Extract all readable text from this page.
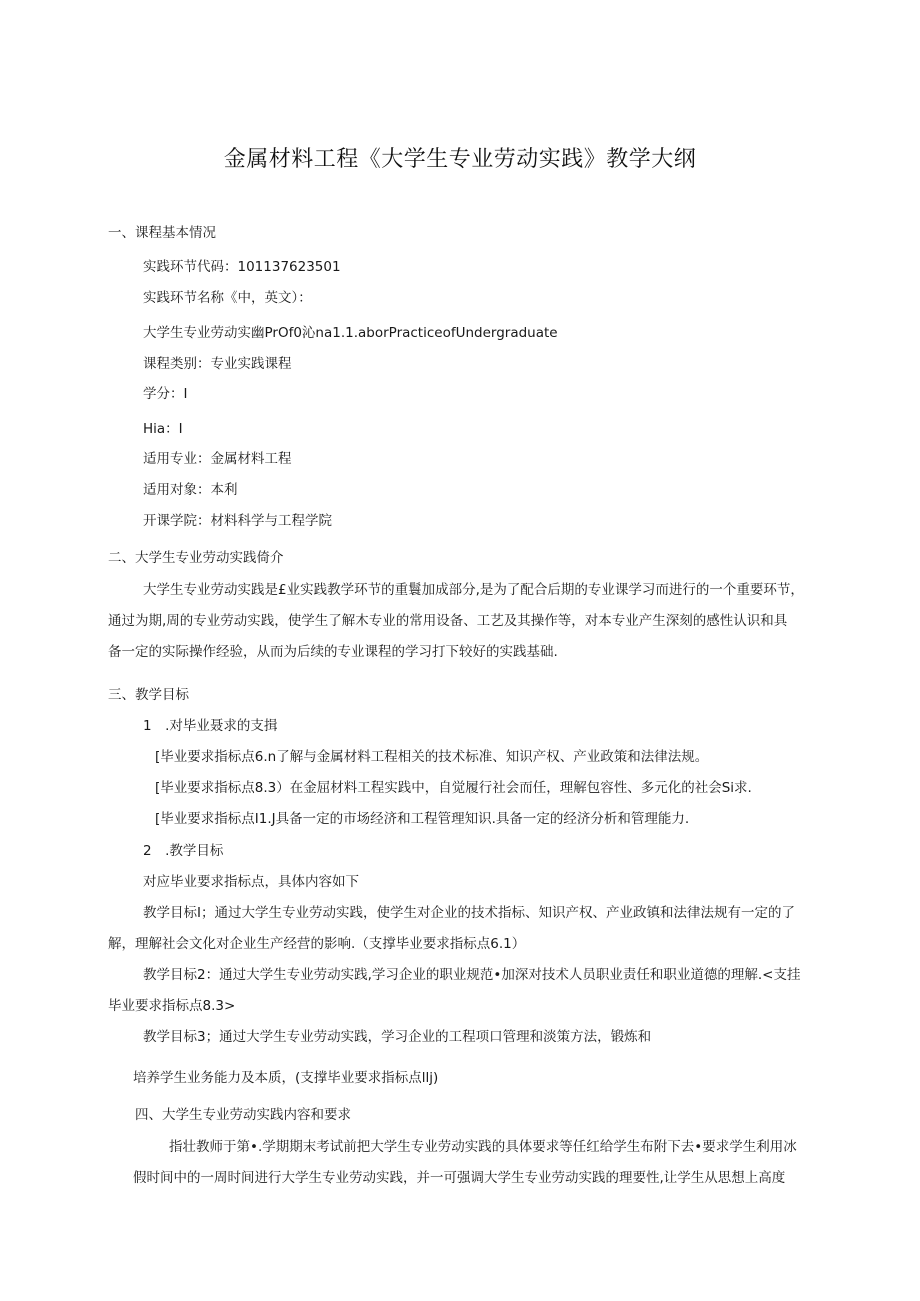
金属材料工程《大学生专业劳动实践》教学大纲
一、课程基本情况
实践环节代码：101137623501
实践环节名称《中，英文）：
大学生专业劳动实幽PrOf0沁na1.1.aborPracticeofUndergraduate
课程类别：专业实践课程
学分：I
Hia：I
适用专业：金属材料工程
适用对象：本利
开课学院：材料科学与工程学院
二、大学生专业劳动实践倚介
大学生专业劳动实践是£业实践教学环节的重鬟加成部分,是为了配合后期的专业课学习而进行的一个重要环节，
通过为期,周的专业劳动实践，使学生了解木专业的常用设备、工艺及其操作等，对本专业产生深刻的感性认识和具
备一定的实际操作经验，从而为后续的专业课程的学习打下较好的实践基础.
三、教学目标
1　.对毕业聂求的支揖
[毕业要求指标点6.n了解与金属材料工程相关的技术标准、知识产权、产业政策和法律法规。
[毕业要求指标点8.3）在金屈材料工程实践中，自觉履行社会而任，理解包容性、多元化的社会Si求.
[毕业要求指标点I1.J具备一定的市场经济和工程管理知识.具备一定的经济分析和管理能力.
2　.教学目标
对应毕业要求指标点，具体内容如下
教学目标I；通过大学生专业劳动实践，使学生对企业的技术指标、知识产权、产业政镇和法律法规有一定的了
解，理解社会文化对企业生产经营的影响.（支撑毕业要求指标点6.1）
教学目标2：通过大学生专业劳动实践,学习企业的职业规范•加深对技术人员职业责任和职业道德的理解.<支挂
毕业要求指标点8.3>
教学目标3；通过大学生专业劳动实践，学习企业的工程项口管理和淡策方法，锻炼和
培养学生业务能力及本质，(支撑毕业要求指标点llj)
四、大学生专业劳动实践内容和要求
指壮教师于第•.学期期末考试前把大学生专业劳动实践的具体要求等任红给学生布附下去•要求学生利用冰
假时间中的一周时间进行大学生专业劳动实践，并一可强调大学生专业劳动实践的理要性,让学生从思想上高度
